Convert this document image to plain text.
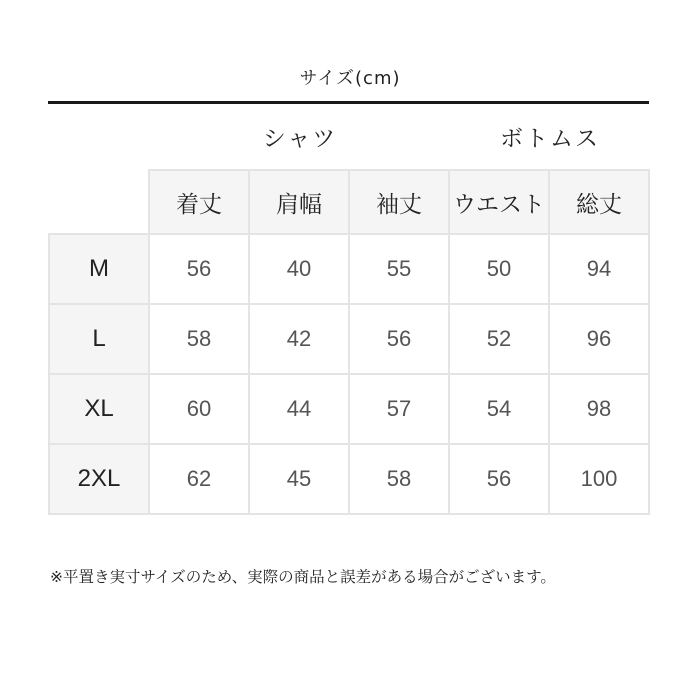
サイズ(cm)
シャツ	ボトムス
	着丈	肩幅	袖丈	ウエスト	総丈
M	56	40	55	50	94
L	58	42	56	52	96
XL	60	44	57	54	98
2XL	62	45	58	56	100
※平置き実寸サイズのため、実際の商品と誤差がある場合がございます。
